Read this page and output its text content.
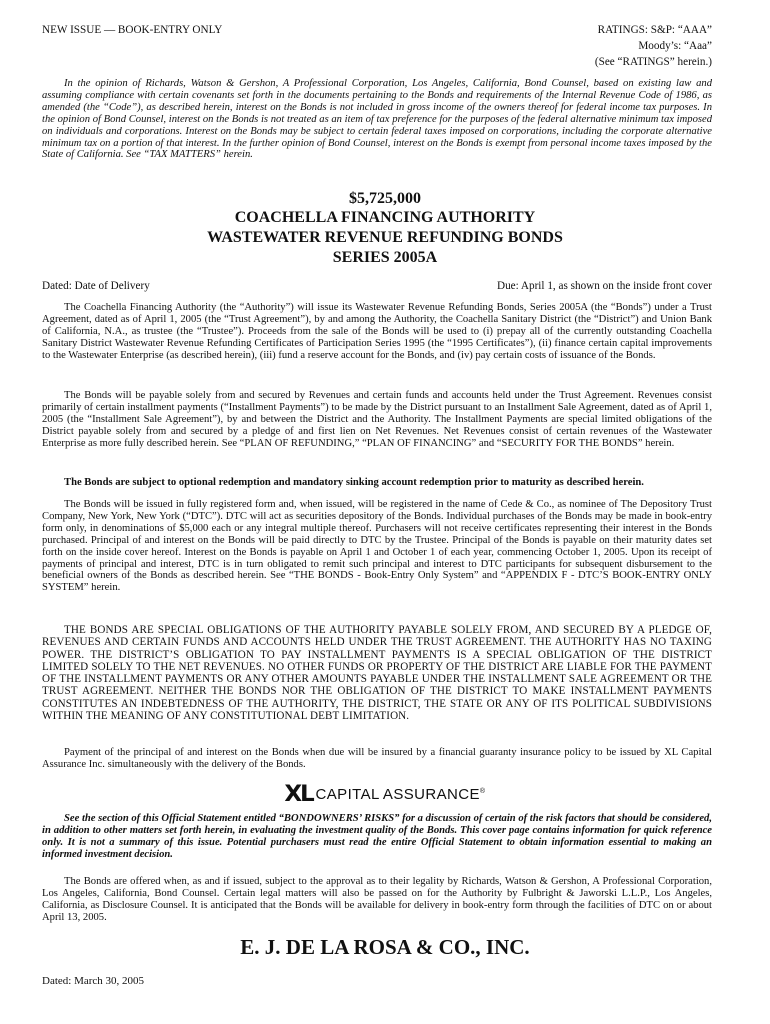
NEW ISSUE — BOOK-ENTRY ONLY	RATINGS: S&P: “AAA”
Moody’s: “Aaa”
(See “RATINGS” herein.)

In the opinion of Richards, Watson & Gershon, A Professional Corporation, Los Angeles, California, Bond Counsel, based on existing law and assuming compliance with certain covenants set forth in the documents pertaining to the Bonds and requirements of the Internal Revenue Code of 1986, as amended (the “Code”), as described herein, interest on the Bonds is not included in gross income of the owners thereof for federal income tax purposes. In the opinion of Bond Counsel, interest on the Bonds is not treated as an item of tax preference for the purposes of the federal alternative minimum tax imposed on individuals and corporations. Interest on the Bonds may be subject to certain federal taxes imposed on corporations, including the corporate alternative minimum tax on a portion of that interest. In the further opinion of Bond Counsel, interest on the Bonds is exempt from personal income taxes imposed by the State of California. See “TAX MATTERS” herein.

$5,725,000
COACHELLA FINANCING AUTHORITY
WASTEWATER REVENUE REFUNDING BONDS
SERIES 2005A
Dated: Date of Delivery	Due: April 1, as shown on the inside front cover

The Coachella Financing Authority (the “Authority”) will issue its Wastewater Revenue Refunding Bonds, Series 2005A (the “Bonds”) under a Trust Agreement, dated as of April 1, 2005 (the “Trust Agreement”), by and among the Authority, the Coachella Sanitary District (the “District”) and Union Bank of California, N.A., as trustee (the “Trustee”). Proceeds from the sale of the Bonds will be used to (i) prepay all of the currently outstanding Coachella Sanitary District Wastewater Revenue Refunding Certificates of Participation Series 1995 (the “1995 Certificates”), (ii) finance certain capital improvements to the Wastewater Enterprise (as described herein), (iii) fund a reserve account for the Bonds, and (iv) pay certain costs of issuance of the Bonds.

The Bonds will be payable solely from and secured by Revenues and certain funds and accounts held under the Trust Agreement. Revenues consist primarily of certain installment payments (“Installment Payments”) to be made by the District pursuant to an Installment Sale Agreement, dated as of April 1, 2005 (the “Installment Sale Agreement”), by and between the District and the Authority. The Installment Payments are special limited obligations of the District payable solely from and secured by a pledge of and first lien on Net Revenues. Net Revenues consist of certain revenues of the Wastewater Enterprise as more fully described herein. See “PLAN OF REFUNDING,” “PLAN OF FINANCING” and “SECURITY FOR THE BONDS” herein.

The Bonds are subject to optional redemption and mandatory sinking account redemption prior to maturity as described herein.

The Bonds will be issued in fully registered form and, when issued, will be registered in the name of Cede & Co., as nominee of The Depository Trust Company, New York, New York (“DTC”). DTC will act as securities depository of the Bonds. Individual purchases of the Bonds may be made in book-entry form only, in denominations of $5,000 each or any integral multiple thereof. Purchasers will not receive certificates representing their interest in the Bonds purchased. Principal of and interest on the Bonds will be paid directly to DTC by the Trustee. Principal of the Bonds is payable on their maturity dates set forth on the inside cover hereof. Interest on the Bonds is payable on April 1 and October 1 of each year, commencing October 1, 2005. Upon its receipt of payments of principal and interest, DTC is in turn obligated to remit such principal and interest to DTC participants for subsequent disbursement to the beneficial owners of the Bonds as described herein. See “THE BONDS - Book-Entry Only System” and “APPENDIX F - DTC’S BOOK-ENTRY ONLY SYSTEM” herein.

THE BONDS ARE SPECIAL OBLIGATIONS OF THE AUTHORITY PAYABLE SOLELY FROM, AND SECURED BY A PLEDGE OF, REVENUES AND CERTAIN FUNDS AND ACCOUNTS HELD UNDER THE TRUST AGREEMENT. THE AUTHORITY HAS NO TAXING POWER. THE DISTRICT’S OBLIGATION TO PAY INSTALLMENT PAYMENTS IS A SPECIAL OBLIGATION OF THE DISTRICT LIMITED SOLELY TO THE NET REVENUES. NO OTHER FUNDS OR PROPERTY OF THE DISTRICT ARE LIABLE FOR THE PAYMENT OF THE INSTALLMENT PAYMENTS OR ANY OTHER AMOUNTS PAYABLE UNDER THE INSTALLMENT SALE AGREEMENT OR THE TRUST AGREEMENT. NEITHER THE BONDS NOR THE OBLIGATION OF THE DISTRICT TO MAKE INSTALLMENT PAYMENTS CONSTITUTES AN INDEBTEDNESS OF THE AUTHORITY, THE DISTRICT, THE STATE OR ANY OF ITS POLITICAL SUBDIVISIONS WITHIN THE MEANING OF ANY CONSTITUTIONAL DEBT LIMITATION.

Payment of the principal of and interest on the Bonds when due will be insured by a financial guaranty insurance policy to be issued by XL Capital Assurance Inc. simultaneously with the delivery of the Bonds.

XL CAPITAL ASSURANCE®

See the section of this Official Statement entitled “BONDOWNERS’ RISKS” for a discussion of certain of the risk factors that should be considered, in addition to other matters set forth herein, in evaluating the investment quality of the Bonds. This cover page contains information for quick reference only. It is not a summary of this issue. Potential purchasers must read the entire Official Statement to obtain information essential to making an informed investment decision.

The Bonds are offered when, as and if issued, subject to the approval as to their legality by Richards, Watson & Gershon, A Professional Corporation, Los Angeles, California, Bond Counsel. Certain legal matters will also be passed on for the Authority by Fulbright & Jaworski L.L.P., Los Angeles, California, as Disclosure Counsel. It is anticipated that the Bonds will be available for delivery in book-entry form through the facilities of DTC on or about April 13, 2005.

E. J. DE LA ROSA & CO., INC.
Dated: March 30, 2005
